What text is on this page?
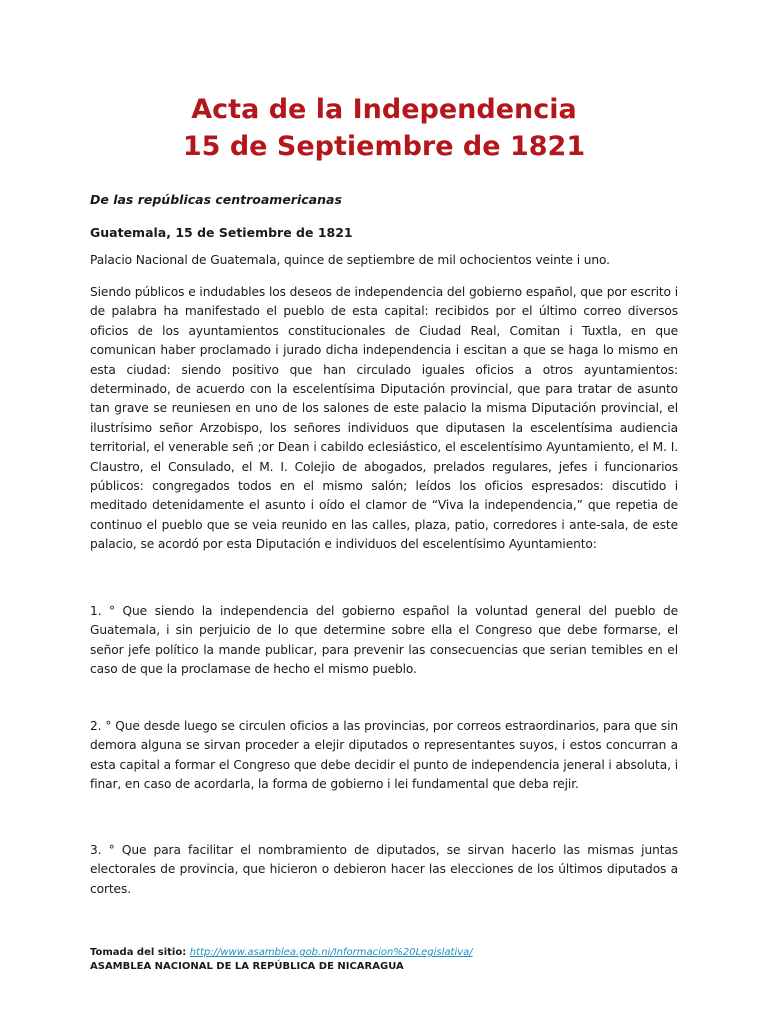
Acta de la Independencia
15 de Septiembre de 1821

De las repúblicas centroamericanas

Guatemala, 15 de Setiembre de 1821

Palacio Nacional de Guatemala, quince de septiembre de mil ochocientos veinte i uno.

Siendo públicos e indudables los deseos de independencia del gobierno español, que por escrito i de palabra ha manifestado el pueblo de esta capital: recibidos por el último correo diversos oficios de los ayuntamientos constitucionales de Ciudad Real, Comitan i Tuxtla, en que comunican haber proclamado i jurado dicha independencia i escitan a que se haga lo mismo en esta ciudad: siendo positivo que han circulado iguales oficios a otros ayuntamientos: determinado, de acuerdo con la escelentísima Diputación provincial, que para tratar de asunto tan grave se reuniesen en uno de los salones de este palacio la misma Diputación provincial, el ilustrísimo señor Arzobispo, los señores individuos que diputasen la escelentísima audiencia territorial, el venerable señ ;or Dean i cabildo eclesiástico, el escelentísimo Ayuntamiento, el M. I. Claustro, el Consulado, el M. I. Colejio de abogados, prelados regulares, jefes i funcionarios públicos: congregados todos en el mismo salón; leídos los oficios espresados: discutido i meditado detenidamente el asunto i oído el clamor de “Viva la independencia,” que repetia de continuo el pueblo que se veia reunido en las calles, plaza, patio, corredores i ante-sala, de este palacio, se acordó por esta Diputación e individuos del escelentísimo Ayuntamiento:

1. ° Que siendo la independencia del gobierno español la voluntad general del pueblo de Guatemala, i sin perjuicio de lo que determine sobre ella el Congreso que debe formarse, el señor jefe político la mande publicar, para prevenir las consecuencias que serian temibles en el caso de que la proclamase de hecho el mismo pueblo.

2. ° Que desde luego se circulen oficios a las provincias, por correos estraordinarios, para que sin demora alguna se sirvan proceder a elejir diputados o representantes suyos, i estos concurran a esta capital a formar el Congreso que debe decidir el punto de independencia jeneral i absoluta, i finar, en caso de acordarla, la forma de gobierno i lei fundamental que deba rejir.

3. ° Que para facilitar el nombramiento de diputados, se sirvan hacerlo las mismas juntas electorales de provincia, que hicieron o debieron hacer las elecciones de los últimos diputados a cortes.

Tomada del sitio: http://www.asamblea.gob.ni/Informacion%20Legislativa/
ASAMBLEA NACIONAL DE LA REPÚBLICA DE NICARAGUA
